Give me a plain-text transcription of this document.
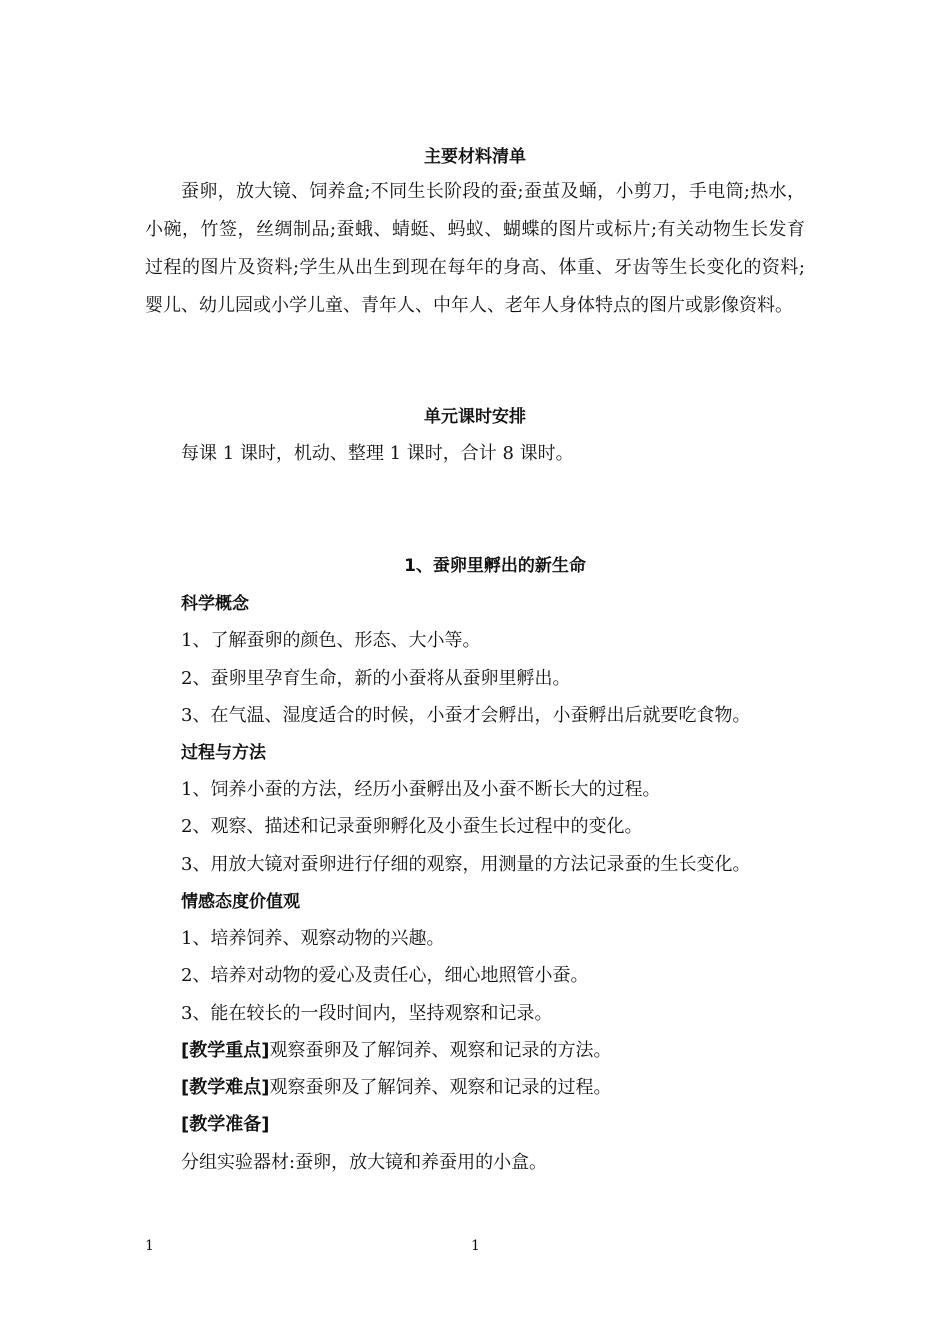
主要材料清单
蚕卵，放大镜、饲养盒;不同生长阶段的蚕;蚕茧及蛹，小剪刀，手电筒;热水，小碗，竹签，丝绸制品;蚕蛾、蜻蜓、蚂蚁、蝴蝶的图片或标片;有关动物生长发育过程的图片及资料;学生从出生到现在每年的身高、体重、牙齿等生长变化的资料;婴儿、幼儿园或小学儿童、青年人、中年人、老年人身体特点的图片或影像资料。
单元课时安排
每课 1 课时，机动、整理 1 课时，合计 8 课时。
1、蚕卵里孵出的新生命
科学概念
1、了解蚕卵的颜色、形态、大小等。
2、蚕卵里孕育生命，新的小蚕将从蚕卵里孵出。
3、在气温、湿度适合的时候，小蚕才会孵出，小蚕孵出后就要吃食物。
过程与方法
1、饲养小蚕的方法，经历小蚕孵出及小蚕不断长大的过程。
2、观察、描述和记录蚕卵孵化及小蚕生长过程中的变化。
3、用放大镜对蚕卵进行仔细的观察，用测量的方法记录蚕的生长变化。
情感态度价值观
1、培养饲养、观察动物的兴趣。
2、培养对动物的爱心及责任心，细心地照管小蚕。
3、能在较长的一段时间内，坚持观察和记录。
[教学重点]观察蚕卵及了解饲养、观察和记录的方法。
[教学难点]观察蚕卵及了解饲养、观察和记录的过程。
[教学准备]
分组实验器材:蚕卵，放大镜和养蚕用的小盒。
1	1
